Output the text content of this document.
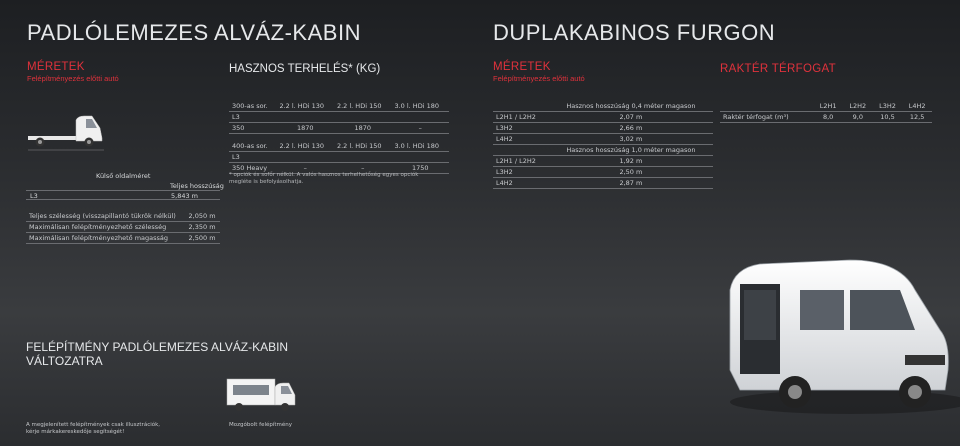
PADLÓLEMEZES ALVÁZ-KABIN	DUPLAKABINOS FURGON
MÉRETEK
Felépítményezés előtti autó
HASZNOS TERHELÉS* (KG)	MÉRETEK
Felépítményezés előtti autó
RAKTÉR TÉRFOGAT
Külső oldalméret
Teljes hosszúság
L3	5,843 m
300-as sor.	2.2 l. HDi 130	2.2 l. HDi 150	3.0 l. HDi 180
L3			
350	1870	1870	–
400-as sor.	2.2 l. HDi 130	2.2 l. HDi 150	3.0 l. HDi 180
L3			
350 Heavy	–	–	1750
* opciók és sofőr nélkül. A valós hasznos terhelhetőség egyes opciók megléte is befolyásolhatja.
	Hasznos hosszúság 0,4 méter magason
L2H1 / L2H2	2,07 m
L3H2	2,66 m
L4H2	3,02 m
	Hasznos hosszúság 1,0 méter magason
L2H1 / L2H2	1,92 m
L3H2	2,50 m
L4H2	2,87 m
	L2H1	L2H2	L3H2	L4H2
Raktér térfogat (m³)	8,0	9,0	10,5	12,5
Teljes szélesség (visszapillantó tükrök nélkül)	2,050 m
Maximálisan felépítményezhető szélesség	2,350 m
Maximálisan felépítményezhető magasság	2,500 m
FELÉPÍTMÉNY PADLÓLEMEZES ALVÁZ-KABIN
VÁLTOZATRA
A megjelenített felépítmények csak illusztrációk,
kérje márkakereskedője segítségét!
Mozgóbolt felépítmény
